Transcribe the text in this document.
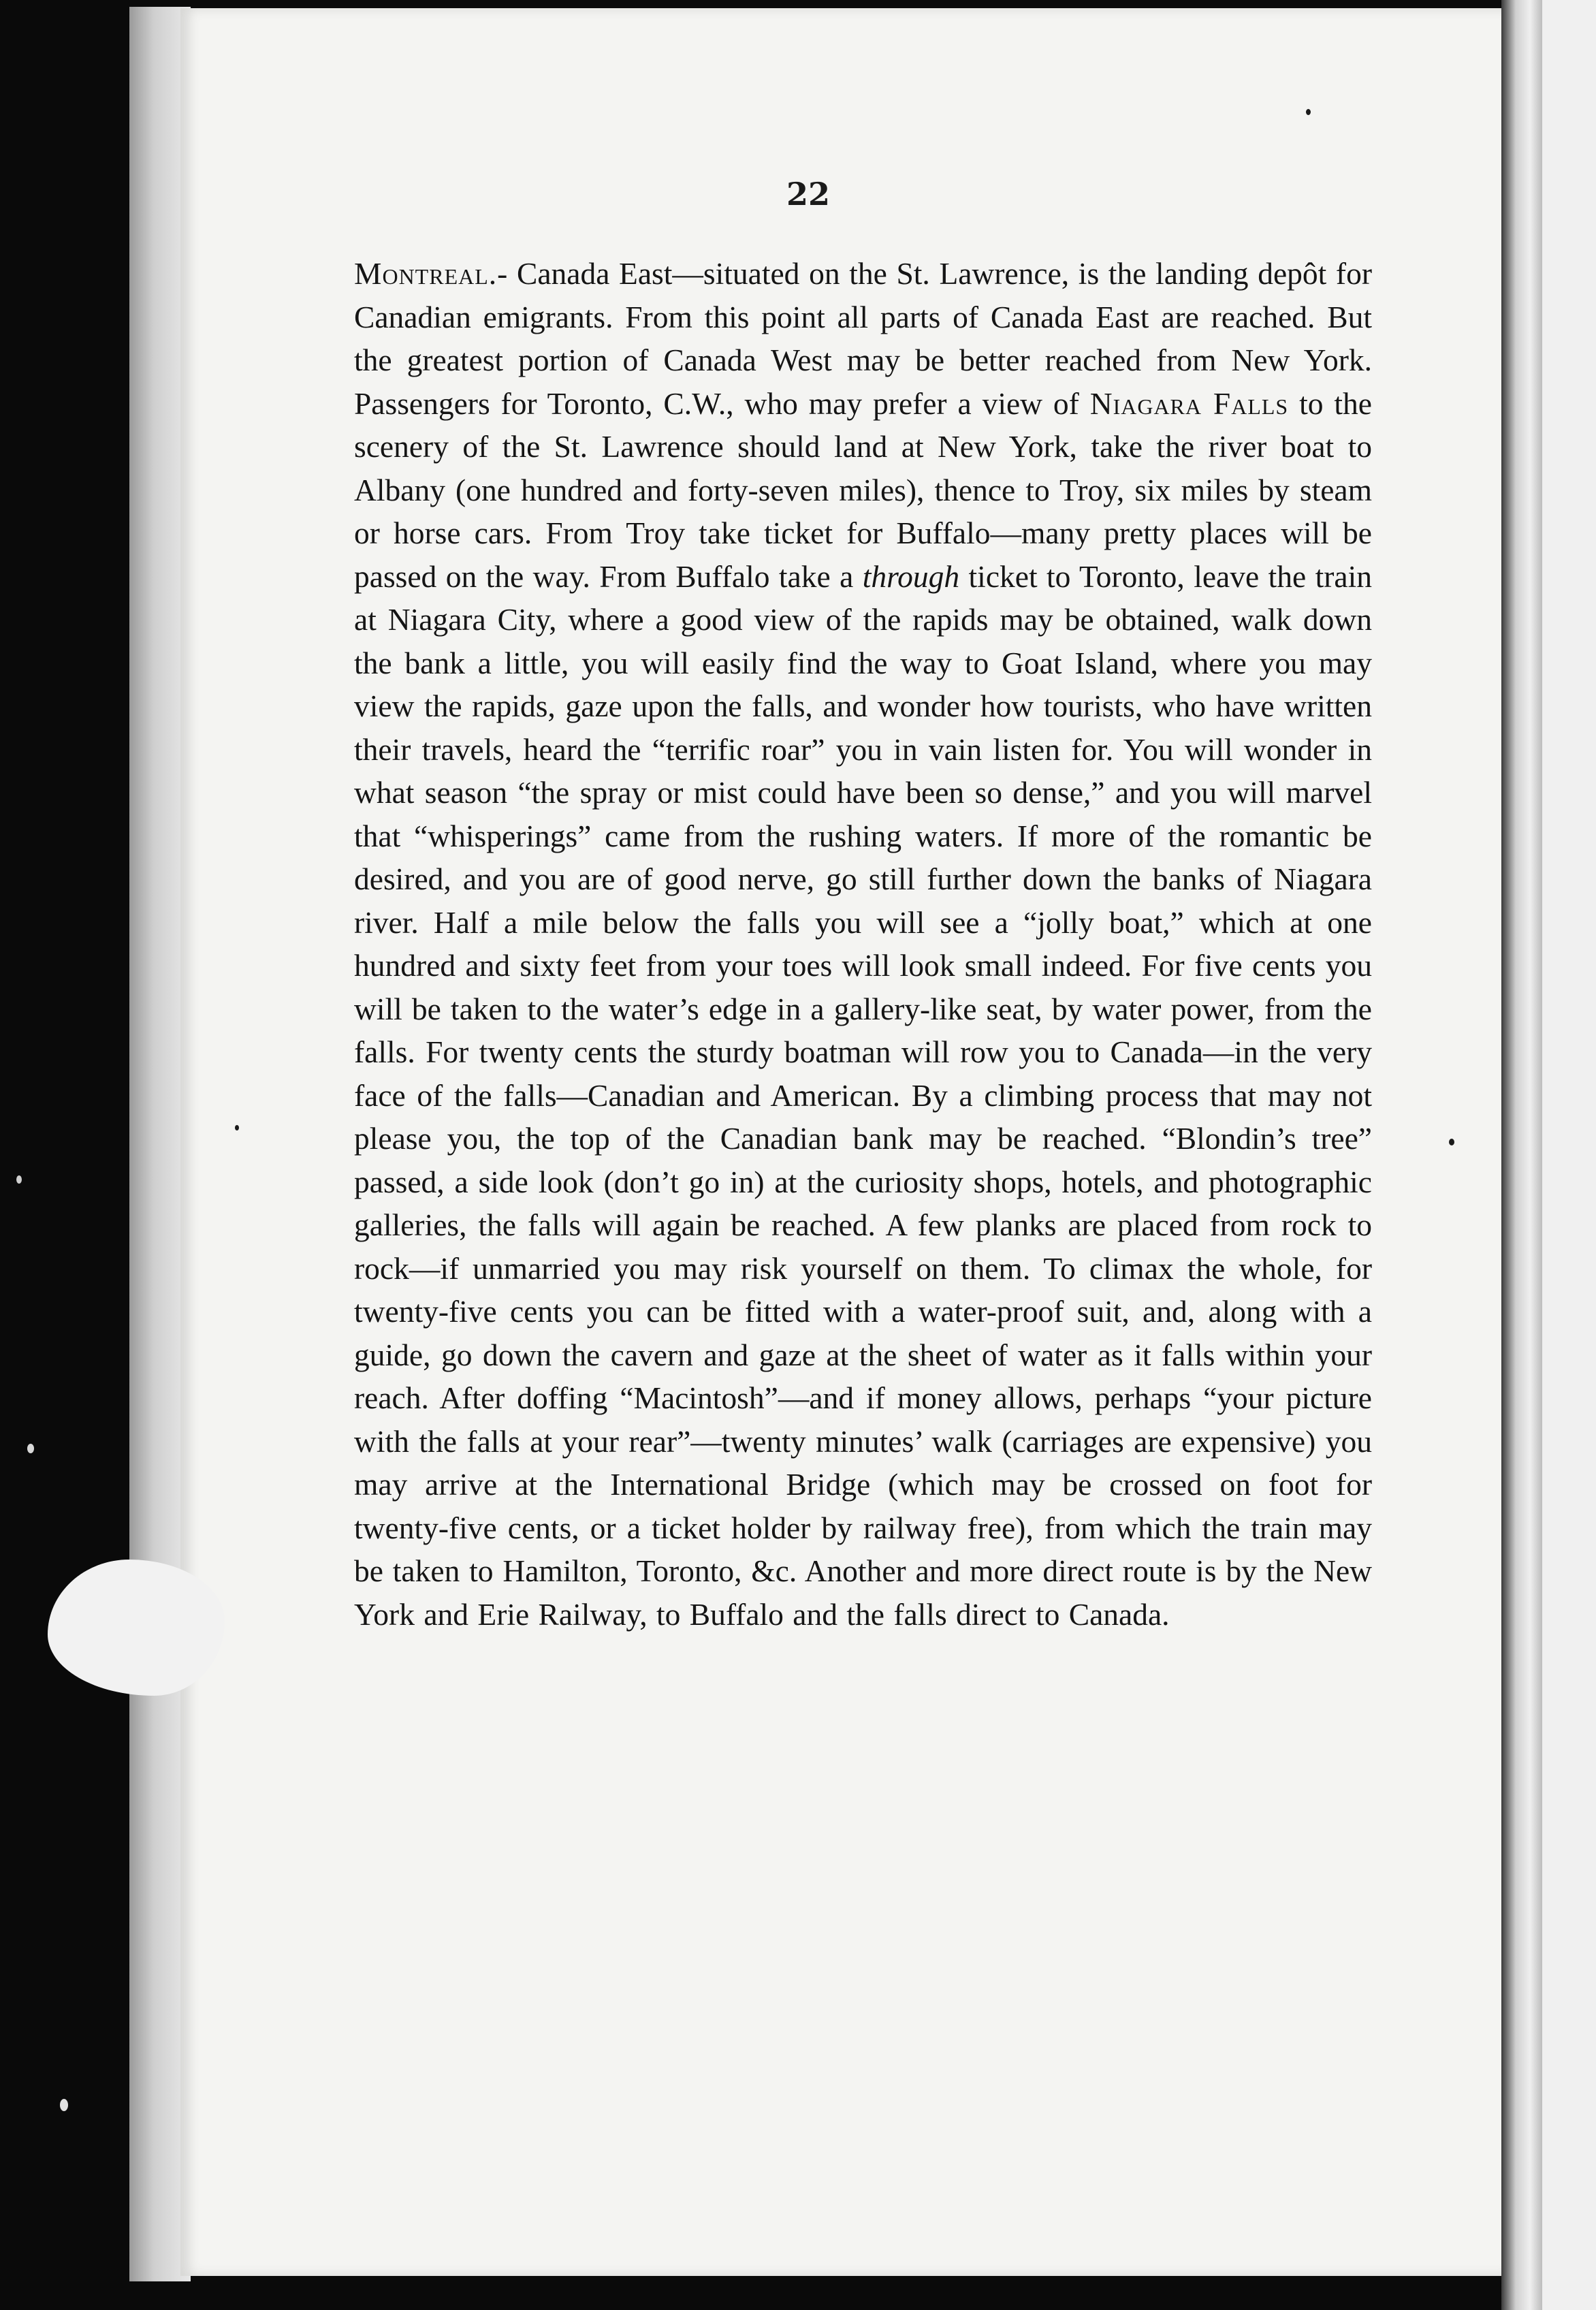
22

Montreal.- Canada East—situated on the St. Lawrence, is the landing depôt for Canadian emigrants. From this point all parts of Canada East are reached. But the greatest portion of Canada West may be better reached from New York. Passengers for Toronto, C.W., who may prefer a view of Niagara Falls to the scenery of the St. Lawrence should land at New York, take the river boat to Albany (one hundred and forty-seven miles), thence to Troy, six miles by steam or horse cars. From Troy take ticket for Buffalo—many pretty places will be passed on the way. From Buffalo take a through ticket to Toronto, leave the train at Niagara City, where a good view of the rapids may be obtained, walk down the bank a little, you will easily find the way to Goat Island, where you may view the rapids, gaze upon the falls, and wonder how tourists, who have written their travels, heard the “terrific roar” you in vain listen for. You will wonder in what season “the spray or mist could have been so dense,” and you will marvel that “whisperings” came from the rushing waters. If more of the romantic be desired, and you are of good nerve, go still further down the banks of Niagara river. Half a mile below the falls you will see a “jolly boat,” which at one hundred and sixty feet from your toes will look small indeed. For five cents you will be taken to the water’s edge in a gallery-like seat, by water power, from the falls. For twenty cents the sturdy boatman will row you to Canada—in the very face of the falls—Canadian and American. By a climbing process that may not please you, the top of the Canadian bank may be reached. “Blondin’s tree” passed, a side look (don’t go in) at the curiosity shops, hotels, and photographic galleries, the falls will again be reached. A few planks are placed from rock to rock—if unmarried you may risk yourself on them. To climax the whole, for twenty-five cents you can be fitted with a water-proof suit, and, along with a guide, go down the cavern and gaze at the sheet of water as it falls within your reach. After doffing “Macintosh”—and if money allows, perhaps “your picture with the falls at your rear”—twenty minutes’ walk (carriages are expensive) you may arrive at the International Bridge (which may be crossed on foot for twenty-five cents, or a ticket holder by railway free), from which the train may be taken to Hamilton, Toronto, &c. Another and more direct route is by the New York and Erie Railway, to Buffalo and the falls direct to Canada.
